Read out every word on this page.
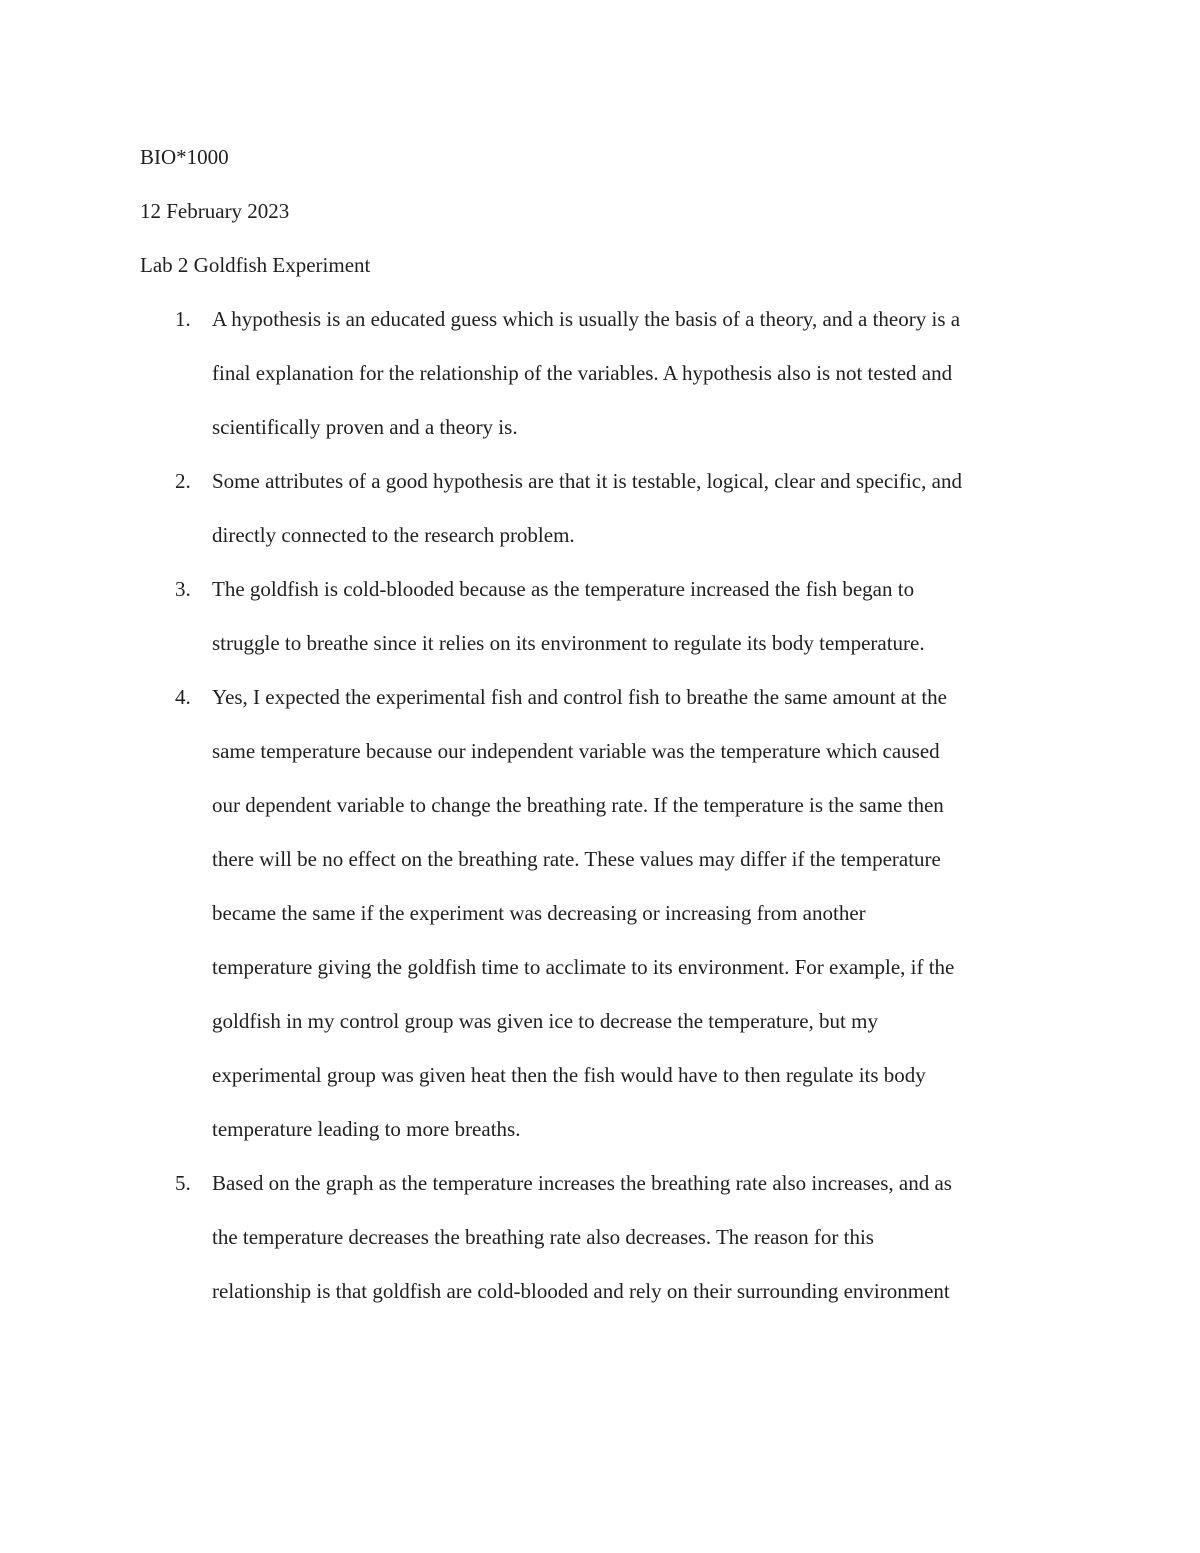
BIO*1000
12 February 2023
Lab 2 Goldfish Experiment
1. A hypothesis is an educated guess which is usually the basis of a theory, and a theory is a
final explanation for the relationship of the variables. A hypothesis also is not tested and
scientifically proven and a theory is.
2. Some attributes of a good hypothesis are that it is testable, logical, clear and specific, and
directly connected to the research problem.
3. The goldfish is cold-blooded because as the temperature increased the fish began to
struggle to breathe since it relies on its environment to regulate its body temperature.
4. Yes, I expected the experimental fish and control fish to breathe the same amount at the
same temperature because our independent variable was the temperature which caused
our dependent variable to change the breathing rate. If the temperature is the same then
there will be no effect on the breathing rate. These values may differ if the temperature
became the same if the experiment was decreasing or increasing from another
temperature giving the goldfish time to acclimate to its environment. For example, if the
goldfish in my control group was given ice to decrease the temperature, but my
experimental group was given heat then the fish would have to then regulate its body
temperature leading to more breaths.
5. Based on the graph as the temperature increases the breathing rate also increases, and as
the temperature decreases the breathing rate also decreases. The reason for this
relationship is that goldfish are cold-blooded and rely on their surrounding environment
